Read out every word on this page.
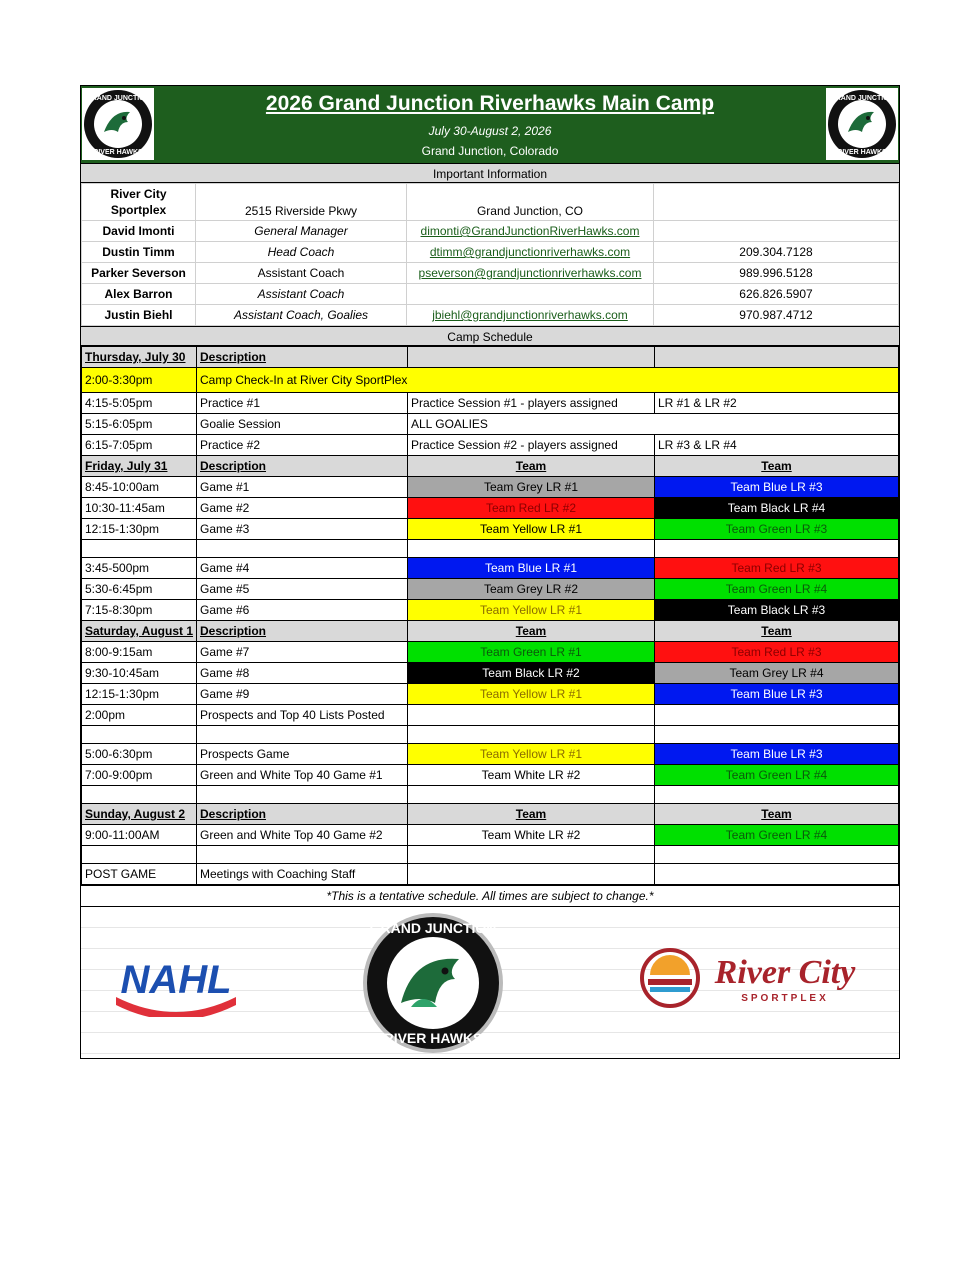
GRAND JUNCTION
RIVER HAWKS
2026 Grand Junction Riverhawks Main Camp
July 30-August 2, 2026
Grand Junction, Colorado
GRAND JUNCTION
RIVER HAWKS
Important Information
River City Sportplex	2515 Riverside Pkwy	Grand Junction, CO	
David Imonti	General Manager	dimonti@GrandJunctionRiverHawks.com	
Dustin Timm	Head Coach	dtimm@grandjunctionriverhawks.com	209.304.7128
Parker Severson	Assistant Coach	pseverson@grandjunctionriverhawks.com	989.996.5128
Alex Barron	Assistant Coach		626.826.5907
Justin Biehl	Assistant Coach, Goalies	jbiehl@grandjunctionriverhawks.com	970.987.4712
Camp Schedule
Thursday, July 30	Description		
2:00-3:30pm	Camp Check-In at River City SportPlex		
4:15-5:05pm	Practice #1	Practice Session #1 - players assigned	LR #1 & LR #2
5:15-6:05pm	Goalie Session	ALL GOALIES	
6:15-7:05pm	Practice #2	Practice Session #2 - players assigned	LR #3 & LR #4
Friday, July 31	Description	Team	Team
8:45-10:00am	Game #1	Team Grey LR #1	Team Blue LR #3
10:30-11:45am	Game #2	Team Red LR #2	Team Black LR #4
12:15-1:30pm	Game #3	Team Yellow LR #1	Team Green LR #3

3:45-500pm	Game #4	Team Blue LR #1	Team Red LR #3
5:30-6:45pm	Game #5	Team Grey LR #2	Team Green LR #4
7:15-8:30pm	Game #6	Team Yellow LR #1	Team Black LR #3
Saturday, August 1	Description	Team	Team
8:00-9:15am	Game #7	Team Green LR #1	Team Red LR #3
9:30-10:45am	Game #8	Team Black LR #2	Team Grey LR #4
12:15-1:30pm	Game #9	Team Yellow LR #1	Team Blue LR #3
2:00pm	Prospects and Top 40 Lists Posted		

5:00-6:30pm	Prospects Game	Team Yellow LR #1	Team Blue LR #3
7:00-9:00pm	Green and White Top 40 Game #1	Team White LR #2	Team Green LR #4

Sunday, August 2	Description	Team	Team
9:00-11:00AM	Green and White Top 40 Game #2	Team White LR #2	Team Green LR #4

POST GAME	Meetings with Coaching Staff		
*This is a tentative schedule. All times are subject to change.*
NAHL
GRAND JUNCTION
RIVER HAWKS
River City
SPORTPLEX
